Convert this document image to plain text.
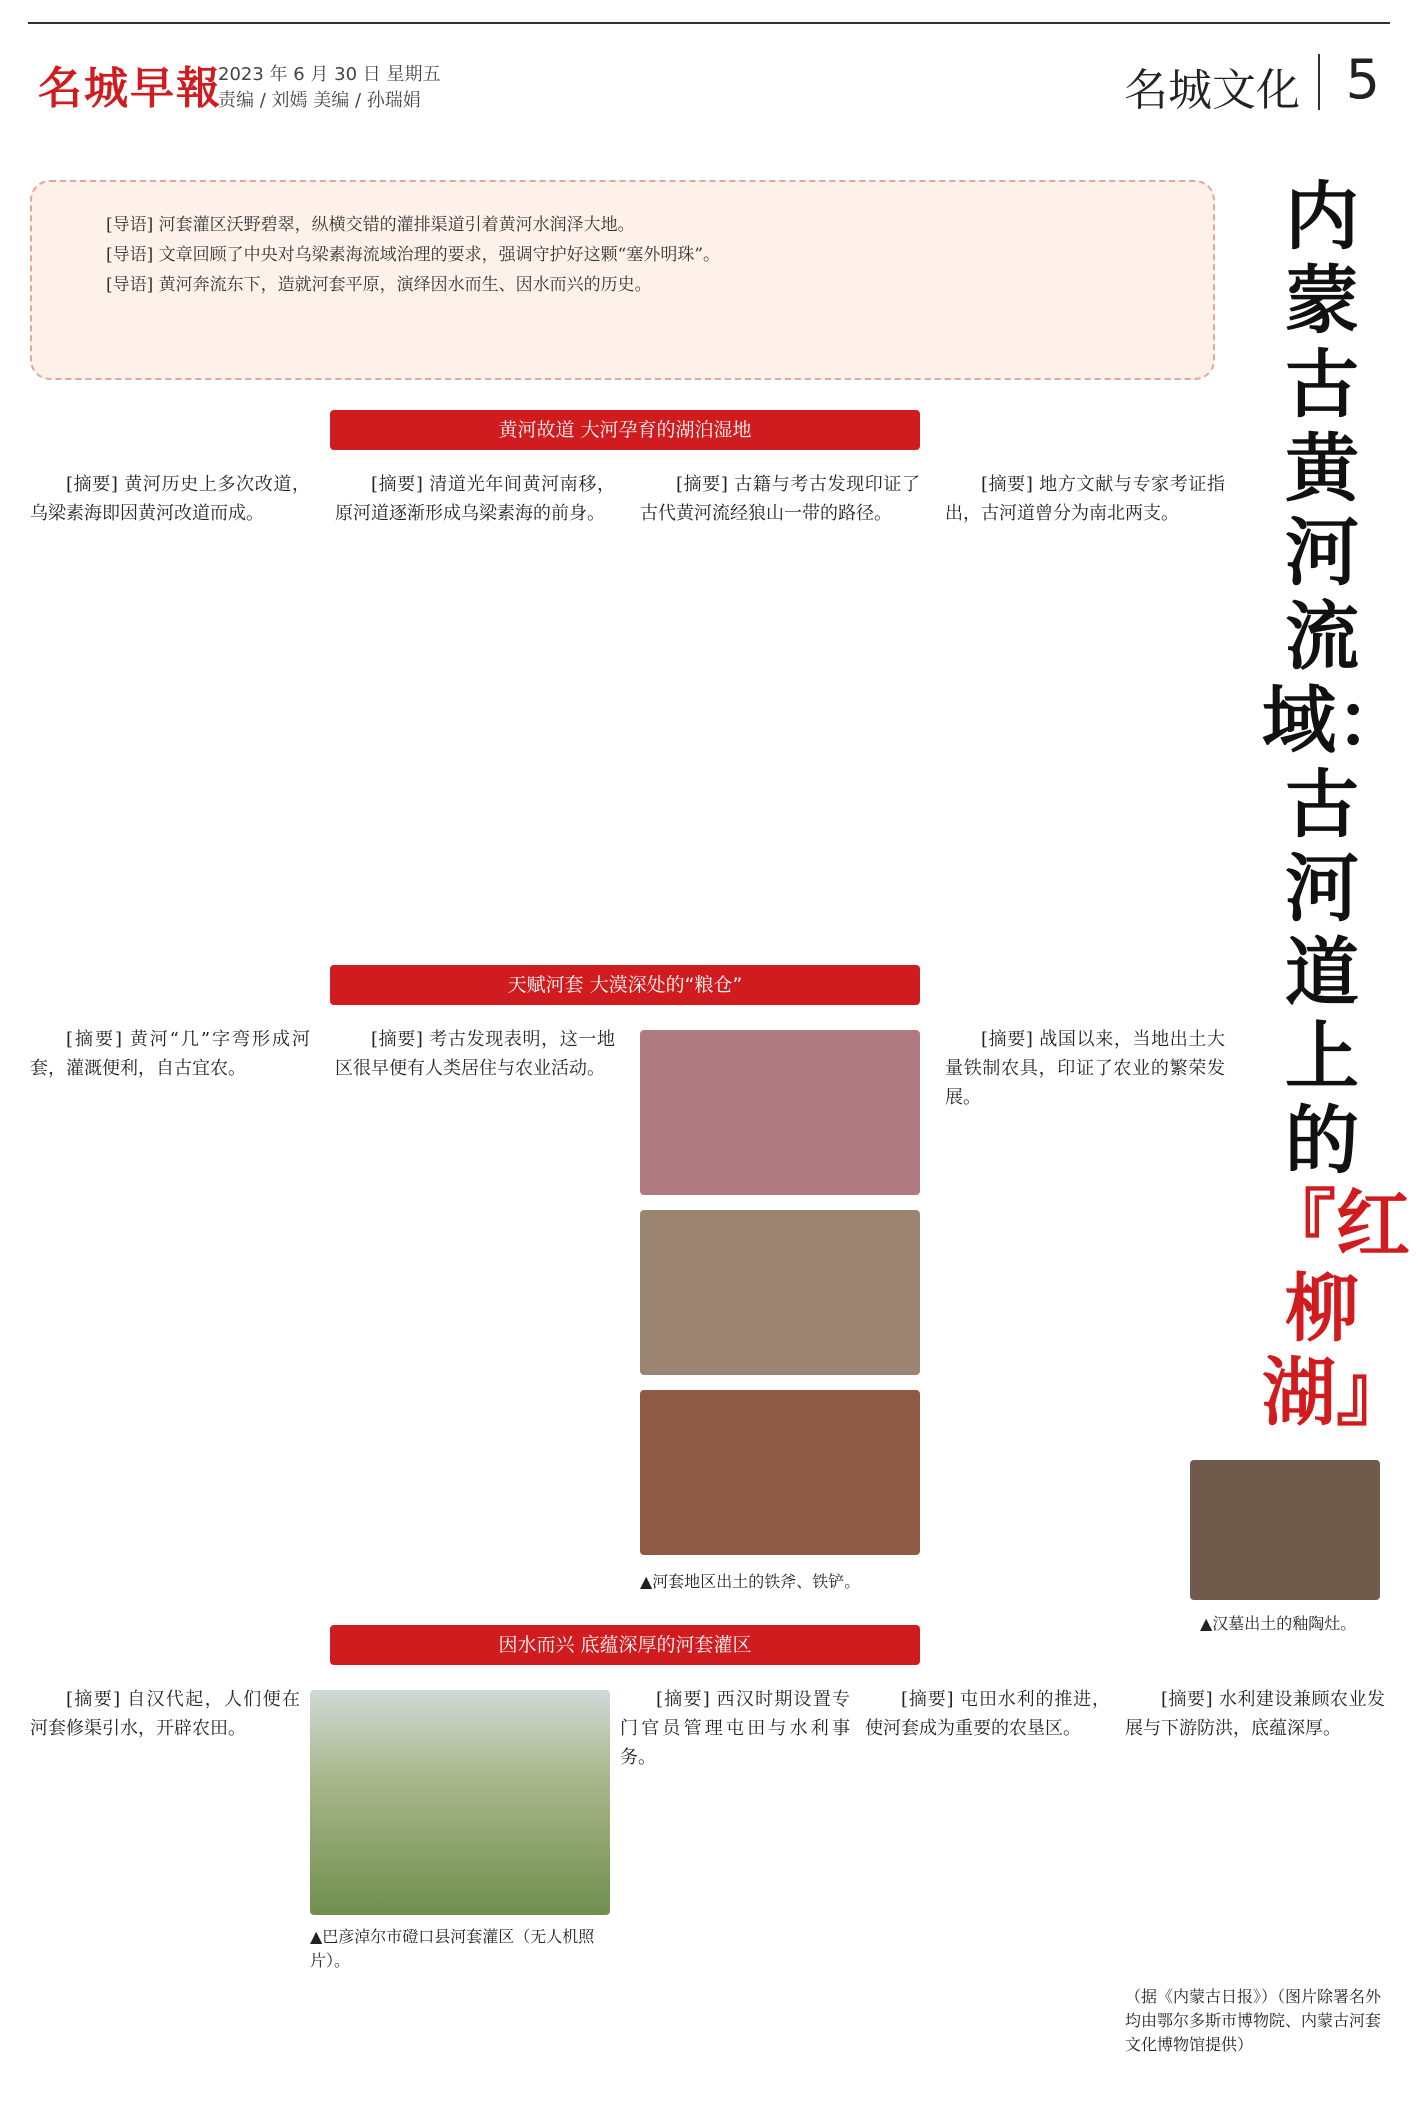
名城早報
2023 年 6 月 30 日 星期五
责编 / 刘嫣 美编 / 孙瑞娟	名城文化 5

[导语] 河套灌区沃野碧翠，纵横交错的灌排渠道引着黄河水润泽大地。

[导语] 文章回顾了中央对乌梁素海流域治理的要求，强调守护好这颗“塞外明珠”。

[导语] 黄河奔流东下，造就河套平原，演绎因水而生、因水而兴的历史。

内蒙古黄河流域：古河道上的
『红柳湖』
黄河故道 大河孕育的湖泊湿地

[摘要] 黄河历史上多次改道，乌梁素海即因黄河改道而成。

[摘要] 清道光年间黄河南移，原河道逐渐形成乌梁素海的前身。

[摘要] 古籍与考古发现印证了古代黄河流经狼山一带的路径。

[摘要] 地方文献与专家考证指出，古河道曾分为南北两支。

天赋河套 大漠深处的“粮仓”

[摘要] 黄河“几”字弯形成河套，灌溉便利，自古宜农。

[摘要] 考古发现表明，这一地区很早便有人类居住与农业活动。

▲河套地区出土的铁斧、铁铲。

[摘要] 战国以来，当地出土大量铁制农具，印证了农业的繁荣发展。

▲汉墓出土的釉陶灶。
因水而兴 底蕴深厚的河套灌区

[摘要] 自汉代起，人们便在河套修渠引水，开辟农田。

▲巴彦淖尔市磴口县河套灌区（无人机照片）。

[摘要] 西汉时期设置专门官员管理屯田与水利事务。

[摘要] 屯田水利的推进，使河套成为重要的农垦区。

[摘要] 水利建设兼顾农业发展与下游防洪，底蕴深厚。

（据《内蒙古日报》）（图片除署名外均由鄂尔多斯市博物院、内蒙古河套文化博物馆提供）
